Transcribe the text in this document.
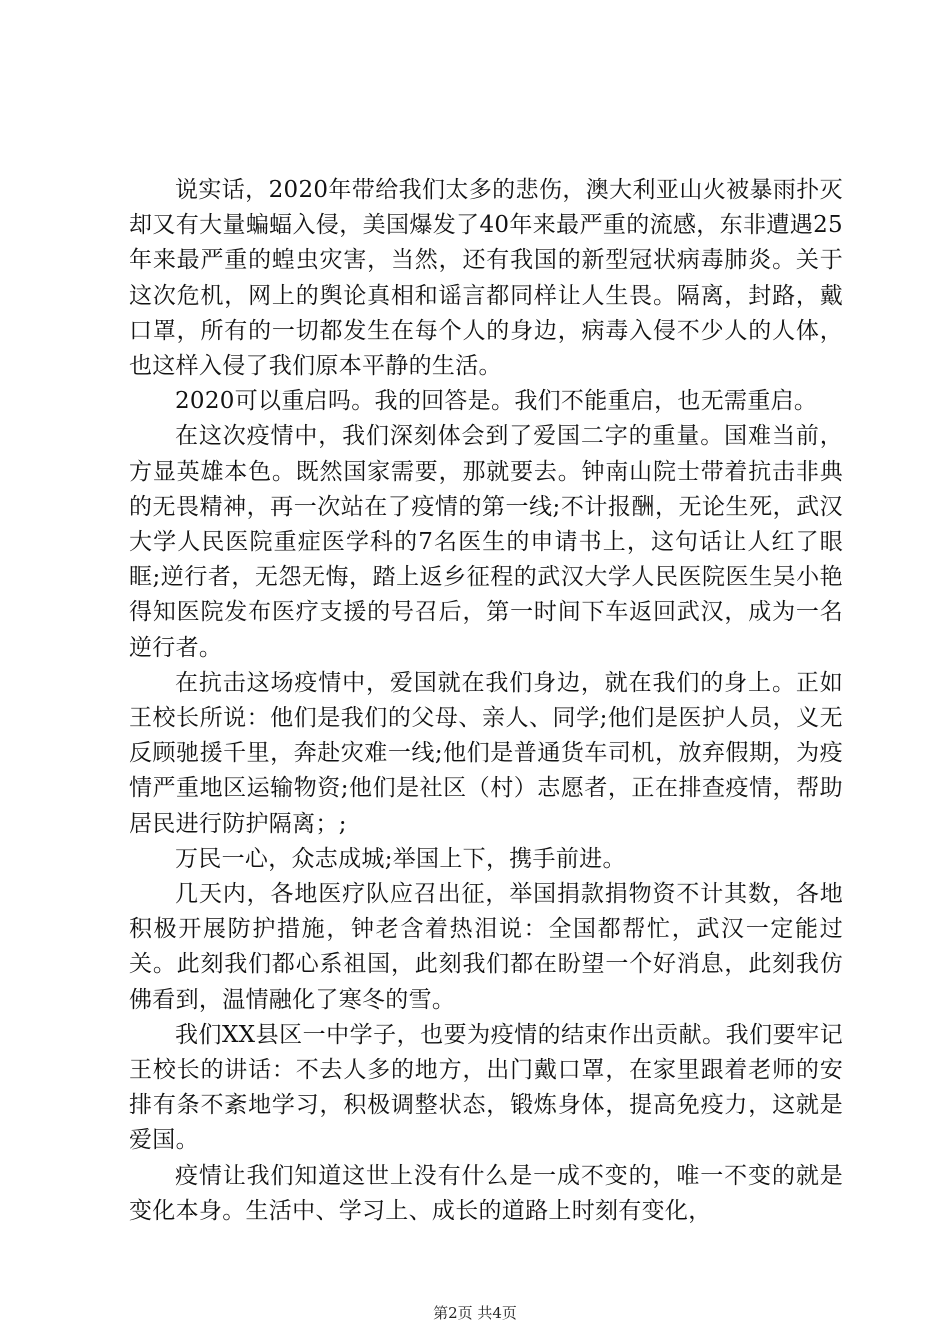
说实话，2020年带给我们太多的悲伤，澳大利亚山火被暴雨扑灭却又有大量蝙蝠入侵，美国爆发了40年来最严重的流感，东非遭遇25年来最严重的蝗虫灾害，当然，还有我国的新型冠状病毒肺炎。关于这次危机，网上的舆论真相和谣言都同样让人生畏。隔离，封路，戴口罩，所有的一切都发生在每个人的身边，病毒入侵不少人的人体，也这样入侵了我们原本平静的生活。

2020可以重启吗。我的回答是。我们不能重启，也无需重启。

在这次疫情中，我们深刻体会到了爱国二字的重量。国难当前，方显英雄本色。既然国家需要，那就要去。钟南山院士带着抗击非典的无畏精神，再一次站在了疫情的第一线;不计报酬，无论生死，武汉大学人民医院重症医学科的7名医生的申请书上，这句话让人红了眼眶;逆行者，无怨无悔，踏上返乡征程的武汉大学人民医院医生吴小艳得知医院发布医疗支援的号召后，第一时间下车返回武汉，成为一名逆行者。

在抗击这场疫情中，爱国就在我们身边，就在我们的身上。正如王校长所说：他们是我们的父母、亲人、同学;他们是医护人员，义无反顾驰援千里，奔赴灾难一线;他们是普通货车司机，放弃假期，为疫情严重地区运输物资;他们是社区（村）志愿者，正在排查疫情，帮助居民进行防护隔离；;

万民一心，众志成城;举国上下，携手前进。

几天内，各地医疗队应召出征，举国捐款捐物资不计其数，各地积极开展防护措施，钟老含着热泪说：全国都帮忙，武汉一定能过关。此刻我们都心系祖国，此刻我们都在盼望一个好消息，此刻我仿佛看到，温情融化了寒冬的雪。

我们XX县区一中学子，也要为疫情的结束作出贡献。我们要牢记王校长的讲话：不去人多的地方，出门戴口罩，在家里跟着老师的安排有条不紊地学习，积极调整状态，锻炼身体，提高免疫力，这就是爱国。

疫情让我们知道这世上没有什么是一成不变的，唯一不变的就是变化本身。生活中、学习上、成长的道路上时刻有变化，

第2页 共4页
